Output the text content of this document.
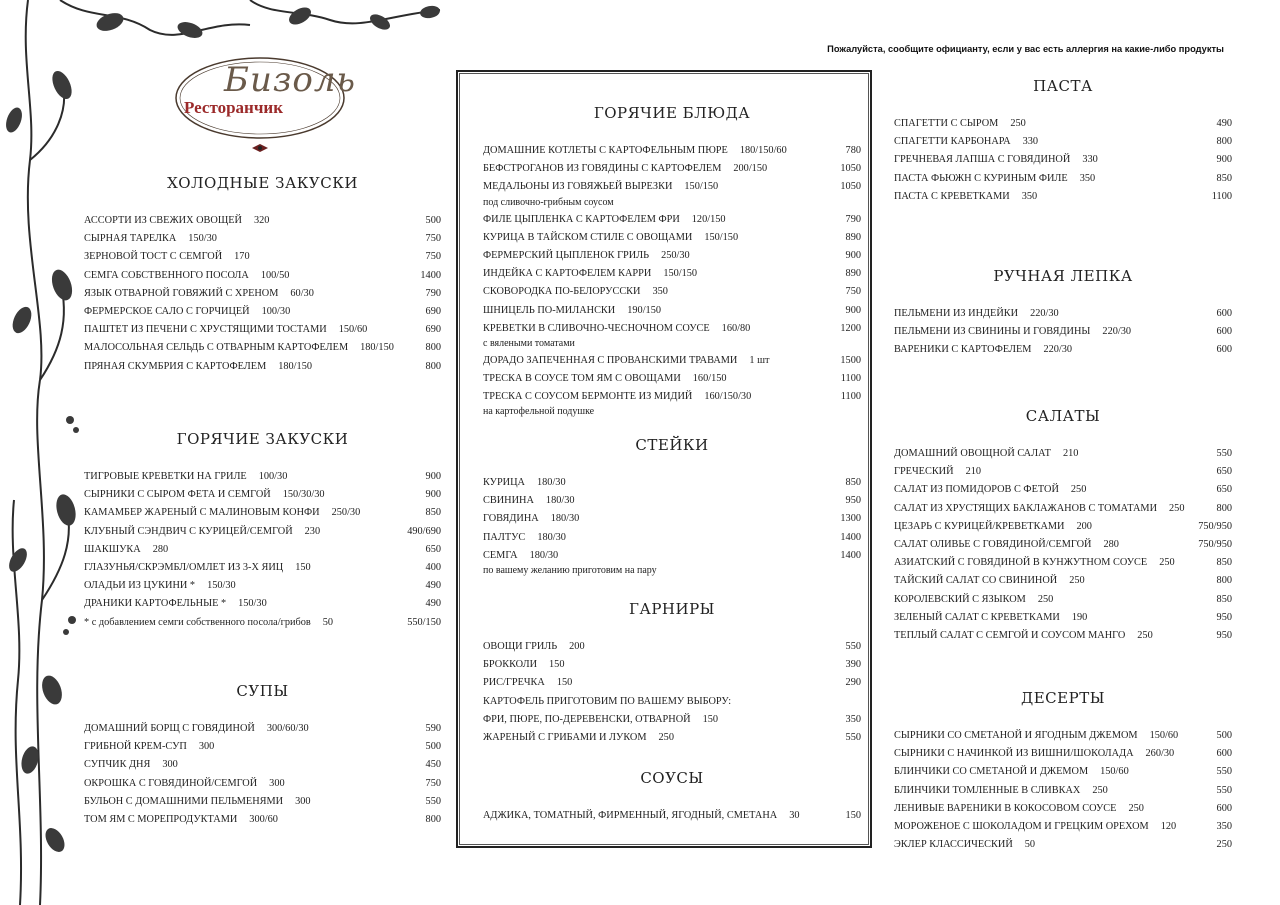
Пожалуйста, сообщите официанту, если у вас есть аллергия на какие-либо продукты
Бизоль
Ресторанчик
ХОЛОДНЫЕ ЗАКУСКИ
АССОРТИ ИЗ СВЕЖИХ ОВОЩЕЙ 320	500
СЫРНАЯ ТАРЕЛКА 150/30	750
ЗЕРНОВОЙ ТОСТ С СЕМГОЙ 170	750
СЕМГА СОБСТВЕННОГО ПОСОЛА 100/50	1400
ЯЗЫК ОТВАРНОЙ ГОВЯЖИЙ С ХРЕНОМ 60/30	790
ФЕРМЕРСКОЕ САЛО С ГОРЧИЦЕЙ 100/30	690
ПАШТЕТ ИЗ ПЕЧЕНИ С ХРУСТЯЩИМИ ТОСТАМИ 150/60	690
МАЛОСОЛЬНАЯ СЕЛЬДЬ С ОТВАРНЫМ КАРТОФЕЛЕМ 180/150	800
ПРЯНАЯ СКУМБРИЯ С КАРТОФЕЛЕМ 180/150	800
ГОРЯЧИЕ ЗАКУСКИ
ТИГРОВЫЕ КРЕВЕТКИ НА ГРИЛЕ 100/30	900
СЫРНИКИ С СЫРОМ ФЕТА И СЕМГОЙ 150/30/30	900
КАМАМБЕР ЖАРЕНЫЙ С МАЛИНОВЫМ КОНФИ 250/30	850
КЛУБНЫЙ СЭНДВИЧ С КУРИЦЕЙ/СЕМГОЙ 230	490/690
ШАКШУКА 280	650
ГЛАЗУНЬЯ/СКРЭМБЛ/ОМЛЕТ ИЗ 3-Х ЯИЦ 150	400
ОЛАДЬИ ИЗ ЦУКИНИ * 150/30	490
ДРАНИКИ КАРТОФЕЛЬНЫЕ * 150/30	490
* с добавлением семги собственного посола/грибов 50	550/150
СУПЫ
ДОМАШНИЙ БОРЩ С ГОВЯДИНОЙ 300/60/30	590
ГРИБНОЙ КРЕМ-СУП 300	500
СУПЧИК ДНЯ 300	450
ОКРОШКА С ГОВЯДИНОЙ/СЕМГОЙ 300	750
БУЛЬОН С ДОМАШНИМИ ПЕЛЬМЕНЯМИ 300	550
ТОМ ЯМ С МОРЕПРОДУКТАМИ 300/60	800
ГОРЯЧИЕ БЛЮДА
ДОМАШНИЕ КОТЛЕТЫ С КАРТОФЕЛЬНЫМ ПЮРЕ 180/150/60	780
БЕФСТРОГАНОВ ИЗ ГОВЯДИНЫ С КАРТОФЕЛЕМ 200/150	1050
МЕДАЛЬОНЫ ИЗ ГОВЯЖЬЕЙ ВЫРЕЗКИ 150/150	1050
под сливочно-грибным соусом
ФИЛЕ ЦЫПЛЕНКА С КАРТОФЕЛЕМ ФРИ 120/150	790
КУРИЦА В ТАЙСКОМ СТИЛЕ С ОВОЩАМИ 150/150	890
ФЕРМЕРСКИЙ ЦЫПЛЕНОК ГРИЛЬ 250/30	900
ИНДЕЙКА С КАРТОФЕЛЕМ КАРРИ 150/150	890
СКОВОРОДКА ПО-БЕЛОРУССКИ 350	750
ШНИЦЕЛЬ ПО-МИЛАНСКИ 190/150	900
КРЕВЕТКИ В СЛИВОЧНО-ЧЕСНОЧНОМ СОУСЕ 160/80	1200
с вялеными томатами
ДОРАДО ЗАПЕЧЕННАЯ С ПРОВАНСКИМИ ТРАВАМИ 1 шт	1500
ТРЕСКА В СОУСЕ ТОМ ЯМ С ОВОЩАМИ 160/150	1100
ТРЕСКА С СОУСОМ БЕРМОНТЕ ИЗ МИДИЙ 160/150/30	1100
на картофельной подушке
СТЕЙКИ
КУРИЦА 180/30	850
СВИНИНА 180/30	950
ГОВЯДИНА 180/30	1300
ПАЛТУС 180/30	1400
СЕМГА 180/30	1400
по вашему желанию приготовим на пару
ГАРНИРЫ
ОВОЩИ ГРИЛЬ 200	550
БРОККОЛИ 150	390
РИС/ГРЕЧКА 150	290
КАРТОФЕЛЬ ПРИГОТОВИМ ПО ВАШЕМУ ВЫБОРУ:
ФРИ, ПЮРЕ, ПО-ДЕРЕВЕНСКИ, ОТВАРНОЙ 150	350
ЖАРЕНЫЙ С ГРИБАМИ И ЛУКОМ 250	550
СОУСЫ
АДЖИКА, ТОМАТНЫЙ, ФИРМЕННЫЙ, ЯГОДНЫЙ, СМЕТАНА 30	150
ПАСТА
СПАГЕТТИ С СЫРОМ 250	490
СПАГЕТТИ КАРБОНАРА 330	800
ГРЕЧНЕВАЯ ЛАПША С ГОВЯДИНОЙ 330	900
ПАСТА ФЬЮЖН С КУРИНЫМ ФИЛЕ 350	850
ПАСТА С КРЕВЕТКАМИ 350	1100
РУЧНАЯ ЛЕПКА
ПЕЛЬМЕНИ ИЗ ИНДЕЙКИ 220/30	600
ПЕЛЬМЕНИ ИЗ СВИНИНЫ И ГОВЯДИНЫ 220/30	600
ВАРЕНИКИ С КАРТОФЕЛЕМ 220/30	600
САЛАТЫ
ДОМАШНИЙ ОВОЩНОЙ САЛАТ 210	550
ГРЕЧЕСКИЙ 210	650
САЛАТ ИЗ ПОМИДОРОВ С ФЕТОЙ 250	650
САЛАТ ИЗ ХРУСТЯЩИХ БАКЛАЖАНОВ С ТОМАТАМИ 250	800
ЦЕЗАРЬ С КУРИЦЕЙ/КРЕВЕТКАМИ 200	750/950
САЛАТ ОЛИВЬЕ С ГОВЯДИНОЙ/СЕМГОЙ 280	750/950
АЗИАТСКИЙ С ГОВЯДИНОЙ В КУНЖУТНОМ СОУСЕ 250	850
ТАЙСКИЙ САЛАТ СО СВИНИНОЙ 250	800
КОРОЛЕВСКИЙ С ЯЗЫКОМ 250	850
ЗЕЛЕНЫЙ САЛАТ С КРЕВЕТКАМИ 190	950
ТЕПЛЫЙ САЛАТ С СЕМГОЙ И СОУСОМ МАНГО 250	950
ДЕСЕРТЫ
СЫРНИКИ СО СМЕТАНОЙ И ЯГОДНЫМ ДЖЕМОМ 150/60	500
СЫРНИКИ С НАЧИНКОЙ ИЗ ВИШНИ/ШОКОЛАДА 260/30	600
БЛИНЧИКИ СО СМЕТАНОЙ И ДЖЕМОМ 150/60	550
БЛИНЧИКИ ТОМЛЕННЫЕ В СЛИВКАХ 250	550
ЛЕНИВЫЕ ВАРЕНИКИ В КОКОСОВОМ СОУСЕ 250	600
МОРОЖЕНОЕ С ШОКОЛАДОМ И ГРЕЦКИМ ОРЕХОМ 120	350
ЭКЛЕР КЛАССИЧЕСКИЙ 50	250
